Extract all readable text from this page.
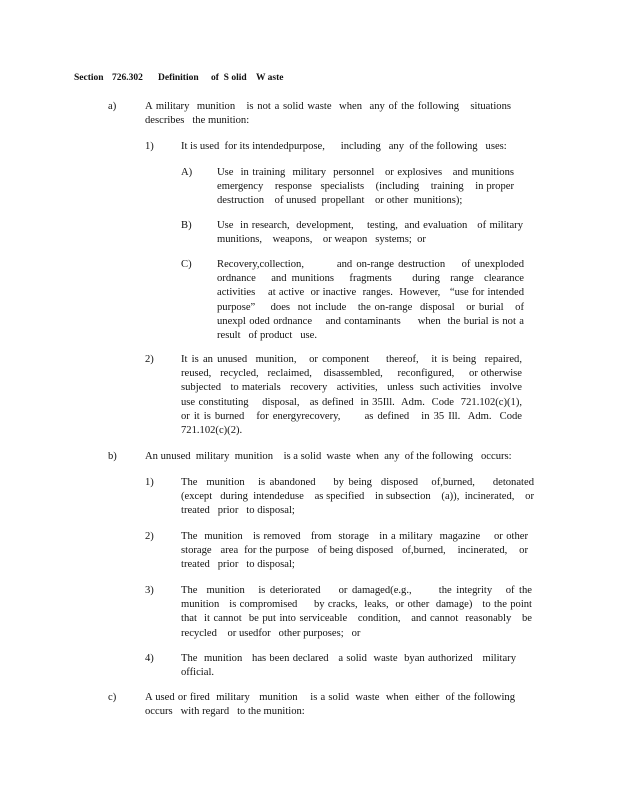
Section

726.302

Definition

of  S olid    W aste

a)	A military  munition   is not a solid waste  when  any of the following   situations
describes   the munition:
1)	It is used  for its intendedpurpose,      including   any  of the following   uses:
A) Use  in training  military  personnel   or explosives   and munitions
emergency    response   specialists    (including    training    in proper
destruction    of unused  propellant    or other  munitions);
B) Use  in research,  development,    testing,  and evaluation   of military
munitions,    weapons,    or weapon   systems;  or
C) Recovery,collection,        and on-range destruction    of unexploded
ordnance   and munitions   fragments    during  range  clearance
activities    at active  or inactive  ranges.  However,   “use for intended
purpose”    does  not include   the on-range  disposal   or burial   of
unexpl oded ordnance    and contaminants     when  the burial is not a
result   of product   use.
2)	It is an unused  munition,   or component    thereof,   it is being  repaired,
reused,   recycled,   reclaimed,    disassembled,     reconfigured,     or otherwise
subjected   to materials   recovery   activities,   unless  such activities   involve
use constituting    disposal,   as defined  in 35Ill.  Adm.  Code  721.102(c)(1),
or it is burned   for energyrecovery,      as defined   in 35 Ill.  Adm.  Code
721.102(c)(2).
b)	An unused  military  munition    is a solid  waste  when  any  of the following   occurs:
1)	The  munition   is abandoned    by being  disposed   of,burned,    detonated
(except   during  intendeduse    as specified    in subsection    (a)),  incinerated,    or
treated   prior   to disposal;
2)	The  munition   is removed   from  storage   in a military  magazine    or other
storage   area  for the purpose   of being disposed   of,burned,    incinerated,    or
treated   prior   to disposal;
3)	The  munition   is deteriorated    or damaged(e.g.,      the integrity   of the
munition   is compromised     by cracks,  leaks,  or other  damage)   to the point
that  it cannot  be put into serviceable   condition,   and cannot  reasonably   be
recycled    or usedfor   other purposes;   or
4)	The  munition   has been declared   a solid  waste  byan authorized   military
official.
c)	A used or fired  military   munition    is a solid  waste  when  either  of the following
occurs   with regard   to the munition:
